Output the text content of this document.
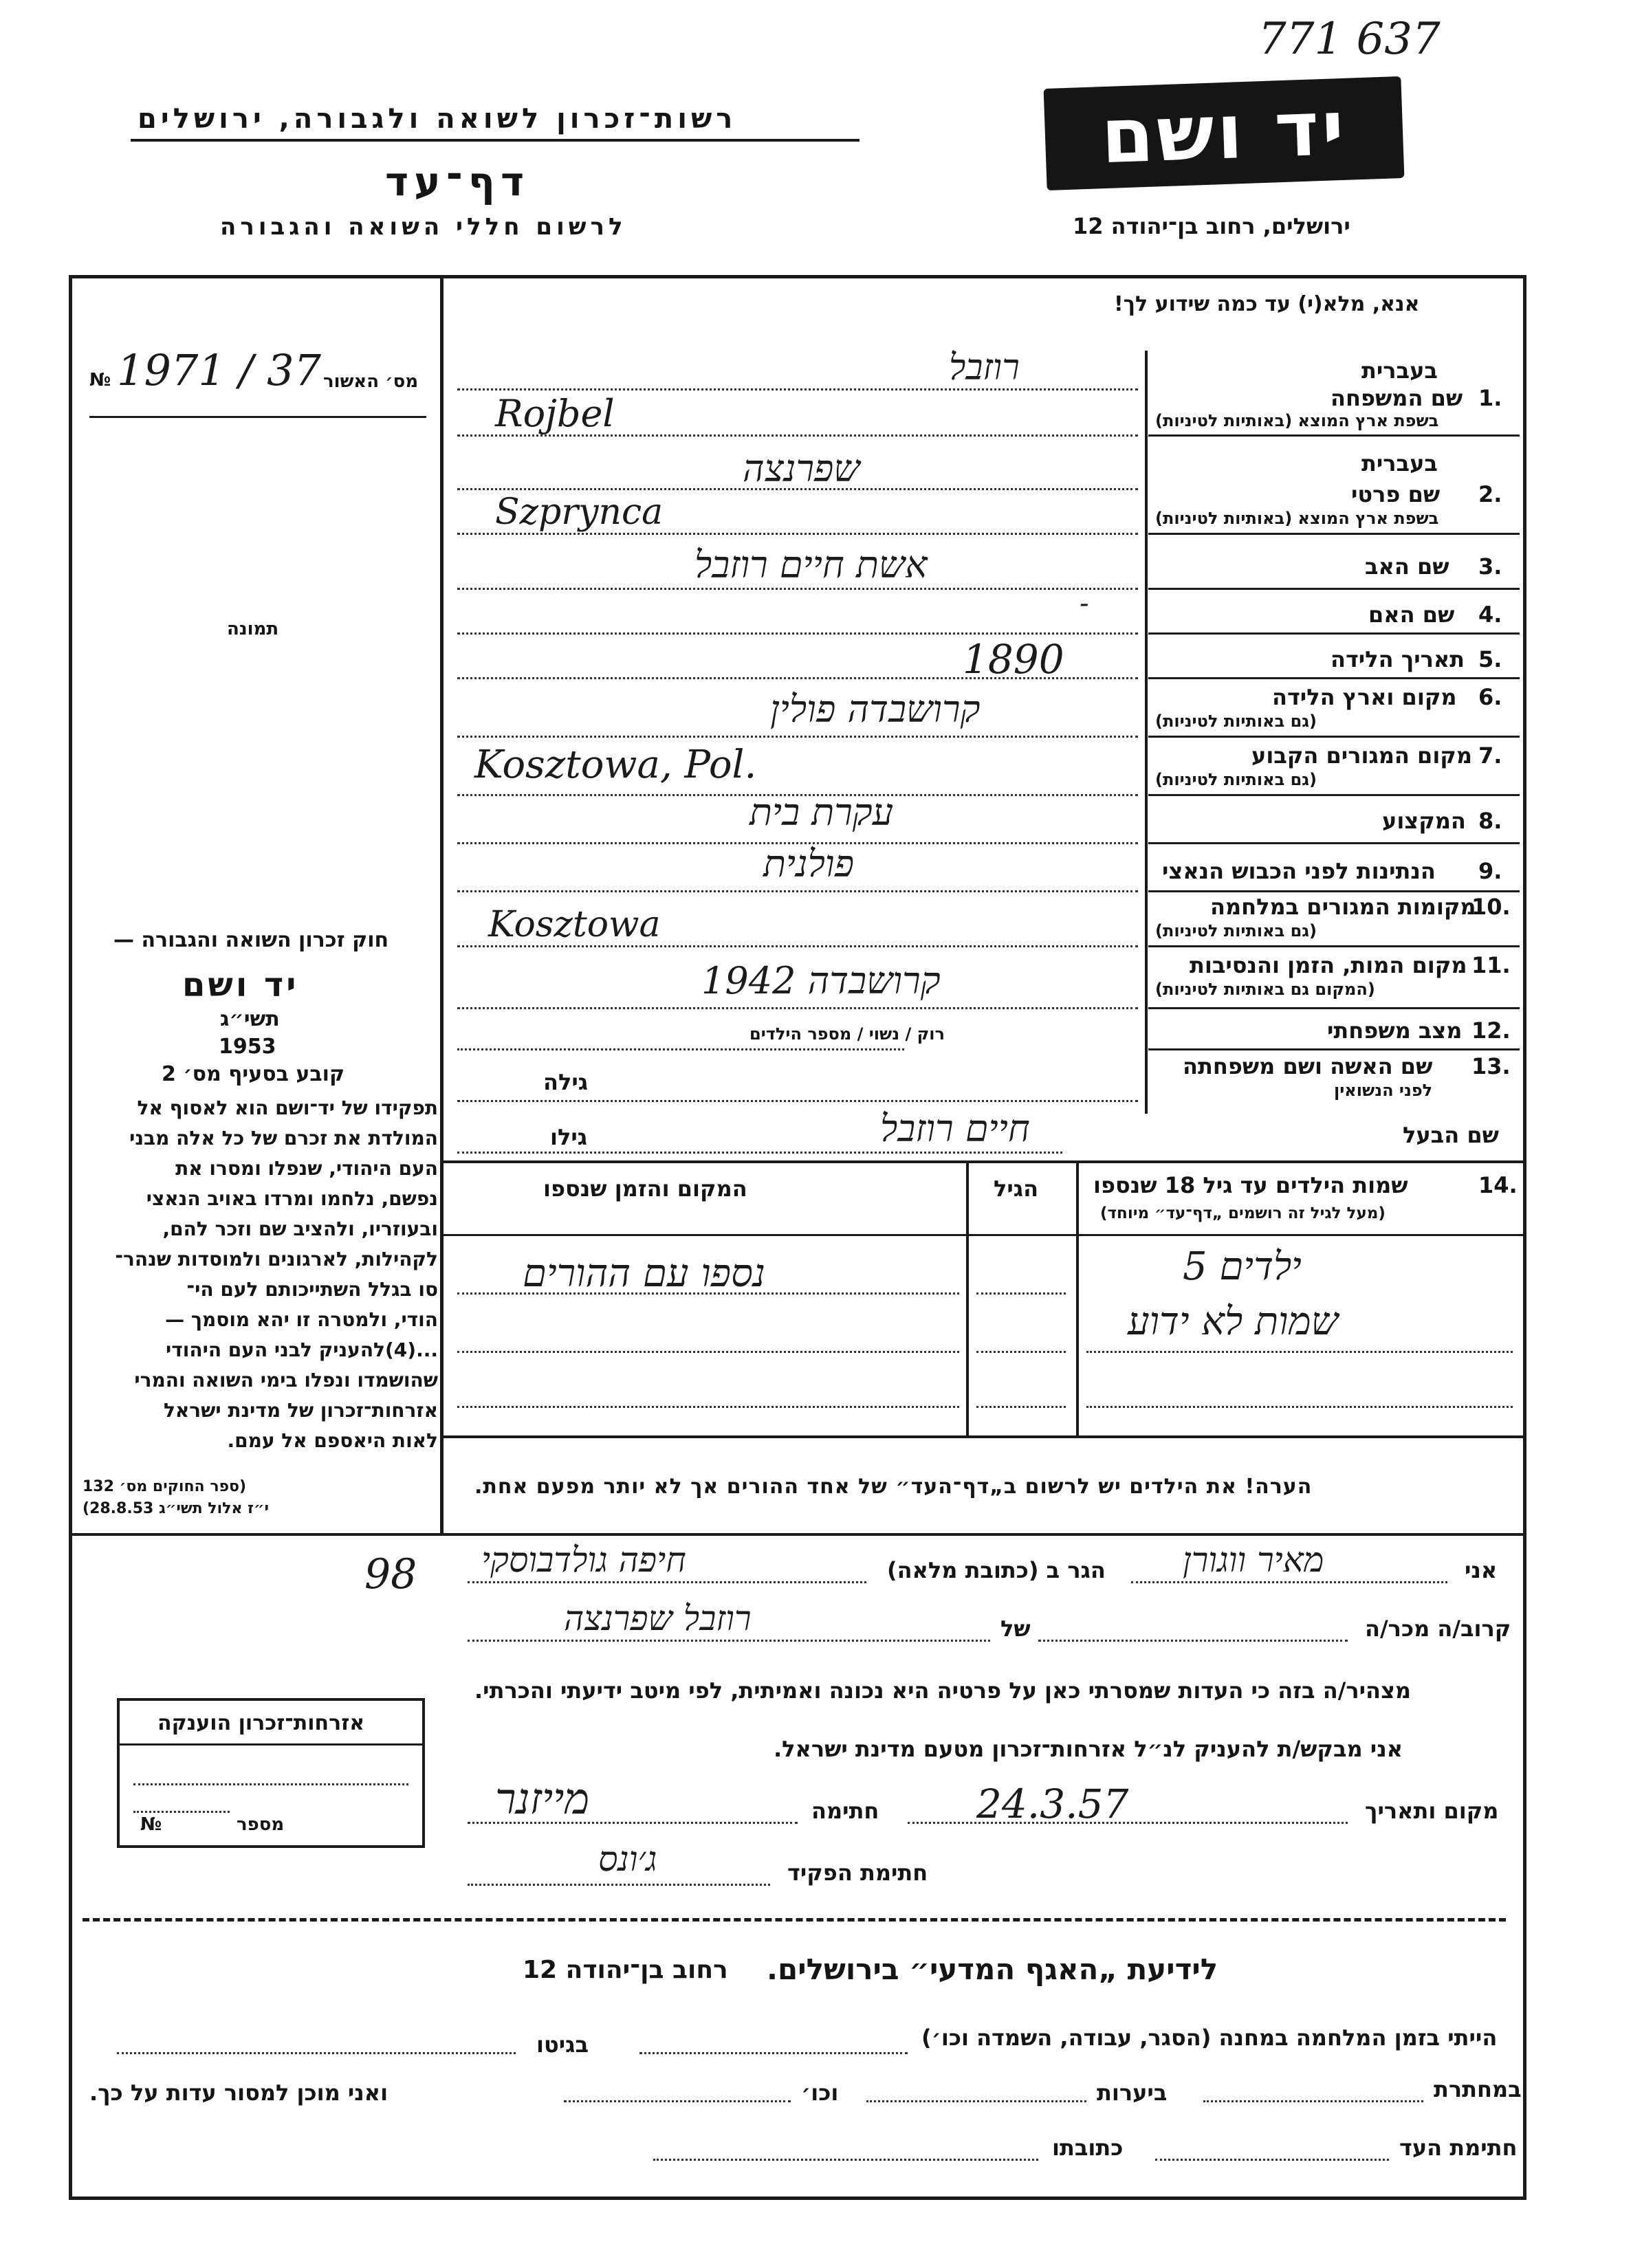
771 637
רשות־זכרון לשואה ולגבורה, ירושלים
דף־עד
לרשום חללי השואה והגבורה
יד ושם
ירושלים, רחוב בן־יהודה 12
אנא, מלא(י) עד כמה שידוע לך!
№ 1971 / 37 מס׳ האשור
תמונה
חוק זכרון השואה והגבורה —
יד ושם
תשי״ג
1953
קובע בסעיף מס׳ 2
תפקידו של יד־ושם הוא לאסוף אל
המולדת את זכרם של כל אלה מבני
העם היהודי, שנפלו ומסרו את
נפשם, נלחמו ומרדו באויב הנאצי
ובעוזריו, ולהציב שם וזכר להם,
לקהילות, לארגונים ולמוסדות שנהר־
סו בגלל השתייכותם לעם הי־
הודי, ולמטרה זו יהא מוסמך —
...(4)להעניק לבני העם היהודי
שהושמדו ונפלו בימי השואה והמרי
אזרחות־זכרון של מדינת ישראל
לאות היאספם אל עמם.
(ספר החוקים מס׳ 132
י״ז אלול תשי״ג 28.8.53)
98
אזרחות־זכרון הוענקה
מספר
№
בעברית
1.
שם המשפחה
בשפת ארץ המוצא (באותיות לטיניות)
רוזבל
Rojbel
בעברית
2.
שם פרטי
בשפת ארץ המוצא (באותיות לטיניות)
שפרנצה
Szprynca
3.
שם האב
אשת חיים רוזבל
4.
שם האם
-
5.
תאריך הלידה
1890
6.
מקום וארץ הלידה
(גם באותיות לטיניות)
קרושבדה פולין
7.
מקום המגורים הקבוע
(גם באותיות לטיניות)
Kosztowa, Pol.
8.
המקצוע
עקרת בית
9.
הנתינות לפני הכבוש הנאצי
פולנית
10.
מקומות המגורים במלחמה
(גם באותיות לטיניות)
Kosztowa
11.
מקום המות, הזמן והנסיבות
(המקום גם באותיות לטיניות)
קרושבדה 1942
12.
מצב משפחתי
רוק / נשוי / מספר הילדים
13.
שם האשה ושם משפחתה
לפני הנשואין
גילה
שם הבעל
חיים רוזבל
גילו
14.
שמות הילדים עד גיל 18 שנספו
(מעל לגיל זה רושמים „דף־עד״ מיוחד)
הגיל
המקום והזמן שנספו
5 ילדים
שמות לא ידוע
נספו עם ההורים
הערה! את הילדים יש לרשום ב„דף־העד״ של אחד ההורים אך לא יותר מפעם אחת.
אני
מאיר ווגורן
הגר ב (כתובת מלאה)
חיפה גולדבוסקי
קרוב/ה מכר/ה
של
רוזבל שפרנצה
מצהיר/ה בזה כי העדות שמסרתי כאן על פרטיה היא נכונה ואמיתית, לפי מיטב ידיעתי והכרתי.
אני מבקש/ת להעניק לנ״ל אזרחות־זכרון מטעם מדינת ישראל.
מקום ותאריך
24.3.57
חתימה
מייזנר
חתימת הפקיד
ג׳ונס
לידיעת „האגף המדעי״ בירושלים.
רחוב בן־יהודה 12
הייתי בזמן המלחמה במחנה (הסגר, עבודה, השמדה וכו׳)
בגיטו
במחתרת
ביערות
וכו׳
ואני מוכן למסור עדות על כך.
חתימת העד
כתובתו
